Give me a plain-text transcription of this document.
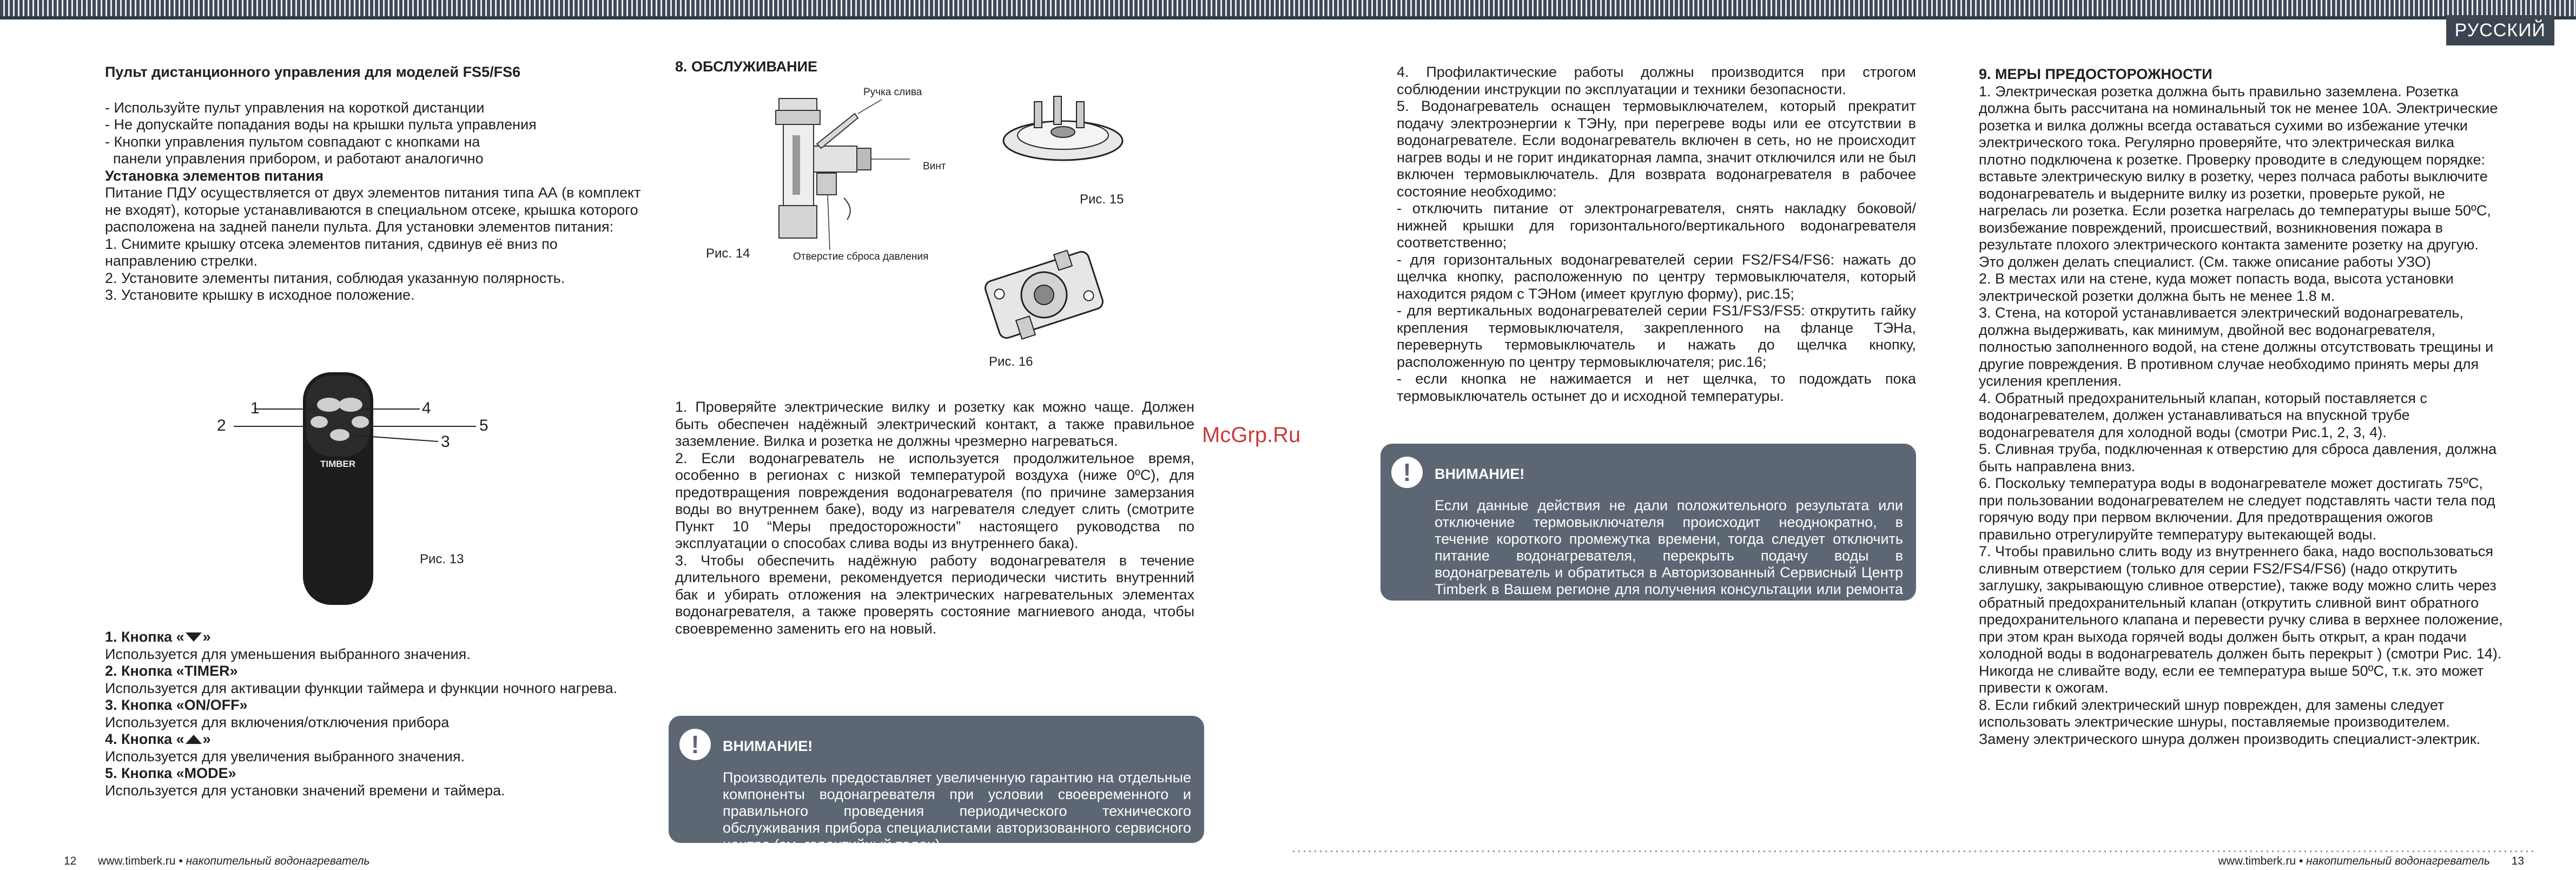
РУССКИЙ

Пульт дистанционного управления для моделей FS5/FS6

- Используйте пульт управления на короткой дистанции

- Не допускайте попадания воды на крышки пульта управления

- Кнопки управления пультом совпадают с кнопками на

панели управления прибором, и работают аналогично

Установка элементов питания

Питание ПДУ осуществляется от двух элементов питания типа АА (в комплект не входят), которые устанавливаются в специальном отсеке, крышка которого расположена на задней панели пульта. Для установки элементов питания:

1. Снимите крышку отсека элементов питания, сдвинув её вниз по направлению стрелки.

2. Установите элементы питания, соблюдая указанную полярность.

3. Установите крышку в исходное положение.

TIMBER
1
2
3
4
5
Рис. 13

1. Кнопка « »

Используется для уменьшения выбранного значения.

2. Кнопка «TIMER»

Используется для активации функции таймера и функции ночного нагрева.

3. Кнопка «ON/OFF»

Используется для включения/отключения прибора

4. Кнопка « »

Используется для увеличения выбранного значения.

5. Кнопка «MODE»

Используется для установки значений времени и таймера.

8. ОБСЛУЖИВАНИЕ
Ручка слива
Винт
Отверстие сброса давления
Рис. 14
Рис. 15
Рис. 16

1. Проверяйте электрические вилку и розетку как можно чаще. Должен быть обеспечен надёжный электрический контакт, а также правильное заземление. Вилка и розетка не должны чрезмерно нагреваться.

2. Если водонагреватель не используется продолжительное время, особенно в регионах с низкой температурой воздуха (ниже 0ºC), для предотвращения повреждения водонагревателя (по причине замерзания воды во внутреннем баке), воду из нагревателя следует слить (смотрите Пункт 10 “Меры предосторожности” настоящего руководства по эксплуатации о способах слива воды из внутреннего бака).

3. Чтобы обеспечить надёжную работу водонагревателя в течение длительного времени, рекомендуется периодически чистить внутренний бак и убирать отложения на электрических нагревательных элементах водонагревателя, а также проверять состояние магниевого анода, чтобы своевременно заменить его на новый.

!	ВНИМАНИЕ!

Производитель предоставляет увеличенную гарантию на отдельные компоненты водонагревателя при условии своевременного и правильного проведения периодического технического обслуживания прибора специалистами авторизованного сервисного центра (см. гарантийный талон).

4. Профилактические работы должны производится при строгом соблюдении инструкции по эксплуатации и техники безопасности.

5. Водонагреватель оснащен термовыключателем, который прекратит подачу электроэнергии к ТЭНу, при перегреве воды или ее отсутствии в водонагревателе. Если водонагреватель включен в сеть, но не происходит нагрев воды и не горит индикаторная лампа, значит отключился или не был включен термовыключатель. Для возврата водонагревателя в рабочее состояние необходимо:

- отключить питание от электронагревателя, снять накладку боковой/нижней крышки для горизонтального/вертикального водонагревателя соответственно;

- для горизонтальных водонагревателей серии FS2/FS4/FS6: нажать до щелчка кнопку, расположенную по центру термовыключателя, который находится рядом с ТЭНом (имеет круглую форму), рис.15;

- для вертикальных водонагревателей серии FS1/FS3/FS5: открутить гайку крепления термовыключателя, закрепленного на фланце ТЭНа, перевернуть термовыключатель и нажать до щелчка кнопку, расположенную по центру термовыключателя; рис.16;

- если кнопка не нажимается и нет щелчка, то подождать пока термовыключатель остынет до и исходной температуры.

!	ВНИМАНИЕ!

Если данные действия не дали положительного результата или отключение термовыключателя происходит неоднократно, в течение короткого промежутка времени, тогда следует отключить питание водонагревателя, перекрыть подачу воды в водонагреватель и обратиться в Авторизованный Сервисный Центр Timberk в Вашем регионе для получения консультации или ремонта изделия.

McGrp.Ru

9. МЕРЫ ПРЕДОСТОРОЖНОСТИ

1. Электрическая розетка должна быть правильно заземлена. Розетка должна быть рассчитана на номинальный ток не менее 10А. Электрические розетка и вилка должны всегда оставаться сухими во избежание утечки электрического тока. Регулярно проверяйте, что электрическая вилка плотно подключена к розетке. Проверку проводите в следующем порядке: вставьте электрическую вилку в розетку, через полчаса работы выключите водонагреватель и выдерните вилку из розетки, проверьте рукой, не нагрелась ли розетка. Если розетка нагрелась до температуры выше 50ºC, воизбежание повреждений, происшествий, возникновения пожара в результате плохого электрического контакта замените розетку на другую. Это должен делать специалист. (См. также описание работы УЗО)

2. В местах или на стене, куда может попасть вода, высота установки электрической розетки должна быть не менее 1.8 м.

3. Стена, на которой устанавливается электрический водонагреватель, должна выдерживать, как минимум, двойной вес водонагревателя, полностью заполненного водой, на стене должны отсутствовать трещины и другие повреждения. В противном случае необходимо принять меры для усиления крепления.

4. Обратный предохранительный клапан, который поставляется с водонагревателем, должен устанавливаться на впускной трубе водонагревателя для холодной воды (смотри Рис.1, 2, 3, 4).

5. Сливная труба, подключенная к отверстию для сброса давления, должна быть направлена вниз.

6. Поскольку температура воды в водонагревателе может достигать 75ºC, при пользовании водонагревателем не следует подставлять части тела под горячую воду при первом включении. Для предотвращения ожогов правильно отрегулируйте температуру вытекающей воды.

7. Чтобы правильно слить воду из внутреннего бака, надо воспользоваться сливным отверстием (только для серии FS2/FS4/FS6) (надо открутить заглушку, закрывающую сливное отверстие), также воду можно слить через обратный предохранительный клапан (открутить сливной винт обратного предохранительного клапана и перевести ручку слива в верхнее положение, при этом кран выхода горячей воды должен быть открыт, а кран подачи холодной воды в водонагреватель должен быть перекрыт ) (смотри Рис. 14). Никогда не сливайте воду, если ее температура выше 50ºC, т.к. это может привести к ожогам.

8. Если гибкий электрический шнур поврежден, для замены следует использовать электрические шнуры, поставляемые производителем. Замену электрического шнура должен производить специалист-электрик.

12 www.timberk.ru • накопительный водонагреватель	www.timberk.ru • накопительный водонагреватель 13
